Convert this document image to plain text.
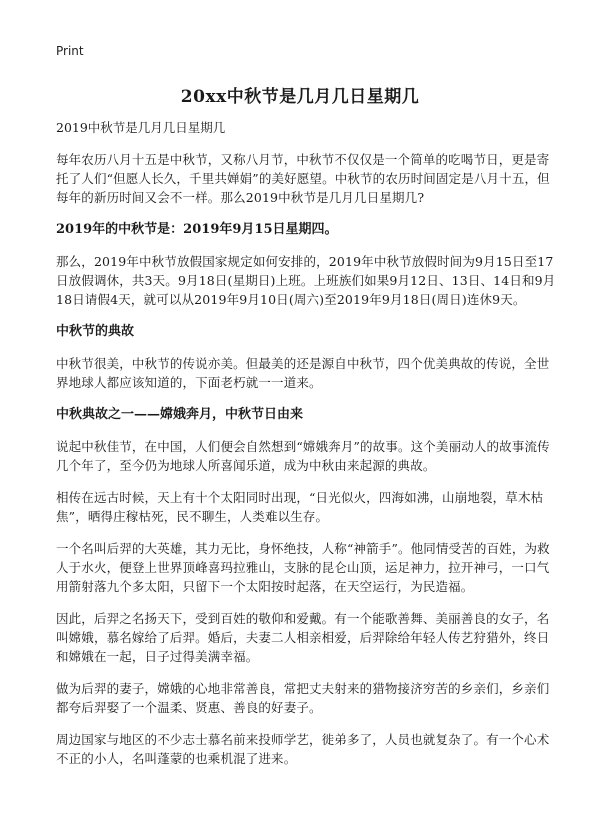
Print
20xx中秋节是几月几日星期几
2019中秋节是几月几日星期几

每年农历八月十五是中秋节，又称八月节，中秋节不仅仅是一个简单的吃喝节日，更是寄托了人们“但愿人长久，千里共婵娟”的美好愿望。中秋节的农历时间固定是八月十五，但每年的新历时间又会不一样。那么2019中秋节是几月几日星期几?

2019年的中秋节是：2019年9月15日星期四。

那么，2019年中秋节放假国家规定如何安排的，2019年中秋节放假时间为9月15日至17日放假调休，共3天。9月18日(星期日)上班。上班族们如果9月12日、13日、14日和9月18日请假4天，就可以从2019年9月10日(周六)至2019年9月18日(周日)连休9天。

中秋节的典故

中秋节很美，中秋节的传说亦美。但最美的还是源自中秋节，四个优美典故的传说，全世界地球人都应该知道的，下面老朽就一一道来。

中秋典故之一——嫦娥奔月，中秋节日由来

说起中秋佳节，在中国，人们便会自然想到“嫦娥奔月”的故事。这个美丽动人的故事流传几个年了，至今仍为地球人所喜闻乐道，成为中秋由来起源的典故。

相传在远古时候，天上有十个太阳同时出现，“日光似火，四海如沸，山崩地裂，草木枯焦”，晒得庄稼枯死，民不聊生，人类难以生存。

一个名叫后羿的大英雄，其力无比，身怀绝技，人称“神箭手”。他同情受苦的百姓，为救人于水火，便登上世界顶峰喜玛拉雅山，支脉的昆仑山顶，运足神力，拉开神弓，一口气用箭射落九个多太阳，只留下一个太阳按时起落，在天空运行，为民造福。

因此，后羿之名扬天下，受到百姓的敬仰和爱戴。有一个能歌善舞、美丽善良的女子，名叫嫦娥，慕名嫁给了后羿。婚后，夫妻二人相亲相爱，后羿除给年轻人传艺狩猎外，终日和嫦娥在一起，日子过得美满幸福。

做为后羿的妻子，嫦娥的心地非常善良，常把丈夫射来的猎物接济穷苦的乡亲们，乡亲们都夸后羿娶了一个温柔、贤惠、善良的好妻子。

周边国家与地区的不少志士慕名前来投师学艺，徙弟多了，人员也就复杂了。有一个心术不正的小人，名叫蓬蒙的也乘机混了进来。
